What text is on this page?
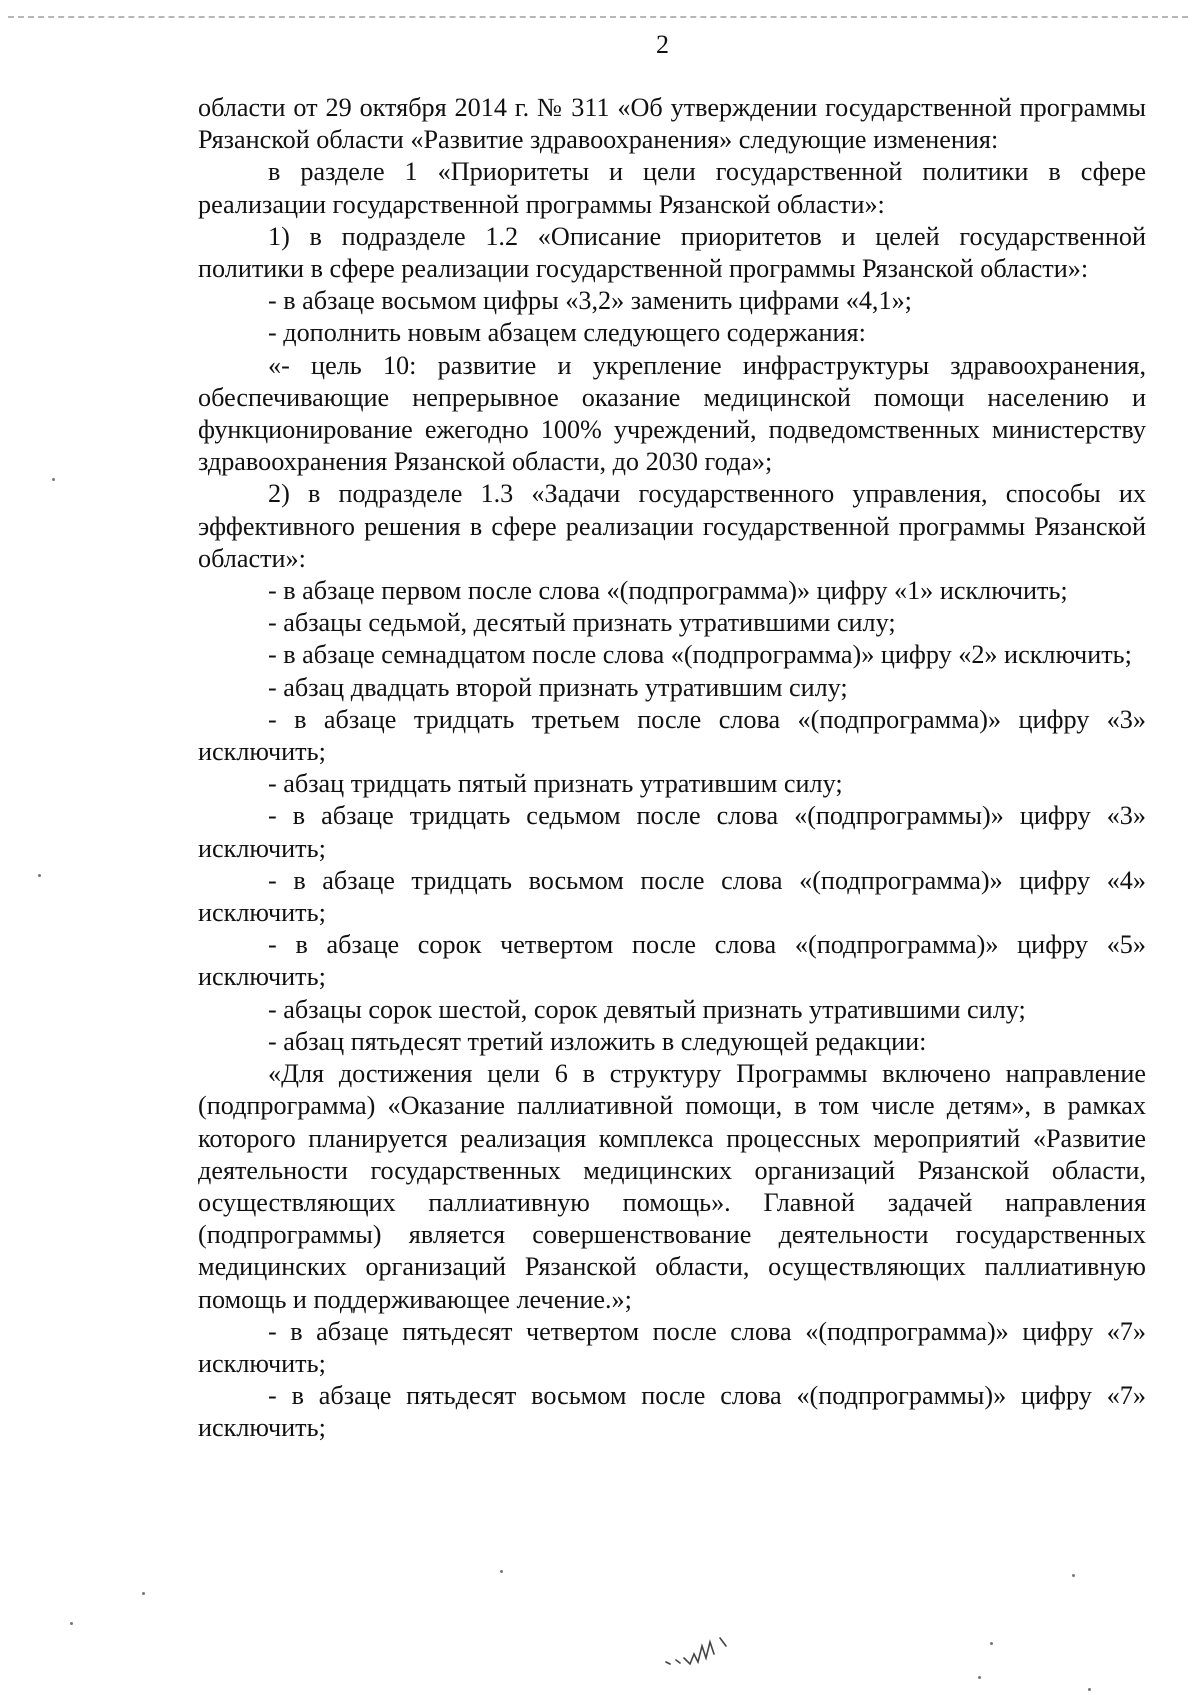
2

области от 29 октября 2014 г. № 311 «Об утверждении государственной программы Рязанской области «Развитие здравоохранения» следующие изменения:

в разделе 1 «Приоритеты и цели государственной политики в сфере реализации государственной программы Рязанской области»:

1) в подразделе 1.2 «Описание приоритетов и целей государственной политики в сфере реализации государственной программы Рязанской области»:

- в абзаце восьмом цифры «3,2» заменить цифрами «4,1»;

- дополнить новым абзацем следующего содержания:

«- цель 10: развитие и укрепление инфраструктуры здравоохранения, обеспечивающие непрерывное оказание медицинской помощи населению и функционирование ежегодно 100% учреждений, подведомственных министерству здравоохранения Рязанской области, до 2030 года»;

2) в подразделе 1.3 «Задачи государственного управления, способы их эффективного решения в сфере реализации государственной программы Рязанской области»:

- в абзаце первом после слова «(подпрограмма)» цифру «1» исключить;

- абзацы седьмой, десятый признать утратившими силу;

- в абзаце семнадцатом после слова «(подпрограмма)» цифру «2» исключить;

- абзац двадцать второй признать утратившим силу;

- в абзаце тридцать третьем после слова «(подпрограмма)» цифру «3» исключить;

- абзац тридцать пятый признать утратившим силу;

- в абзаце тридцать седьмом после слова «(подпрограммы)» цифру «3» исключить;

- в абзаце тридцать восьмом после слова «(подпрограмма)» цифру «4» исключить;

- в абзаце сорок четвертом после слова «(подпрограмма)» цифру «5» исключить;

- абзацы сорок шестой, сорок девятый признать утратившими силу;

- абзац пятьдесят третий изложить в следующей редакции:

«Для достижения цели 6 в структуру Программы включено направление (подпрограмма) «Оказание паллиативной помощи, в том числе детям», в рамках которого планируется реализация комплекса процессных мероприятий «Развитие деятельности государственных медицинских организаций Рязанской области, осуществляющих паллиативную помощь». Главной задачей направления (подпрограммы) является совершенствование деятельности государственных медицинских организаций Рязанской области, осуществляющих паллиативную помощь и поддерживающее лечение.»;

- в абзаце пятьдесят четвертом после слова «(подпрограмма)» цифру «7» исключить;

- в абзаце пятьдесят восьмом после слова «(подпрограммы)» цифру «7» исключить;
